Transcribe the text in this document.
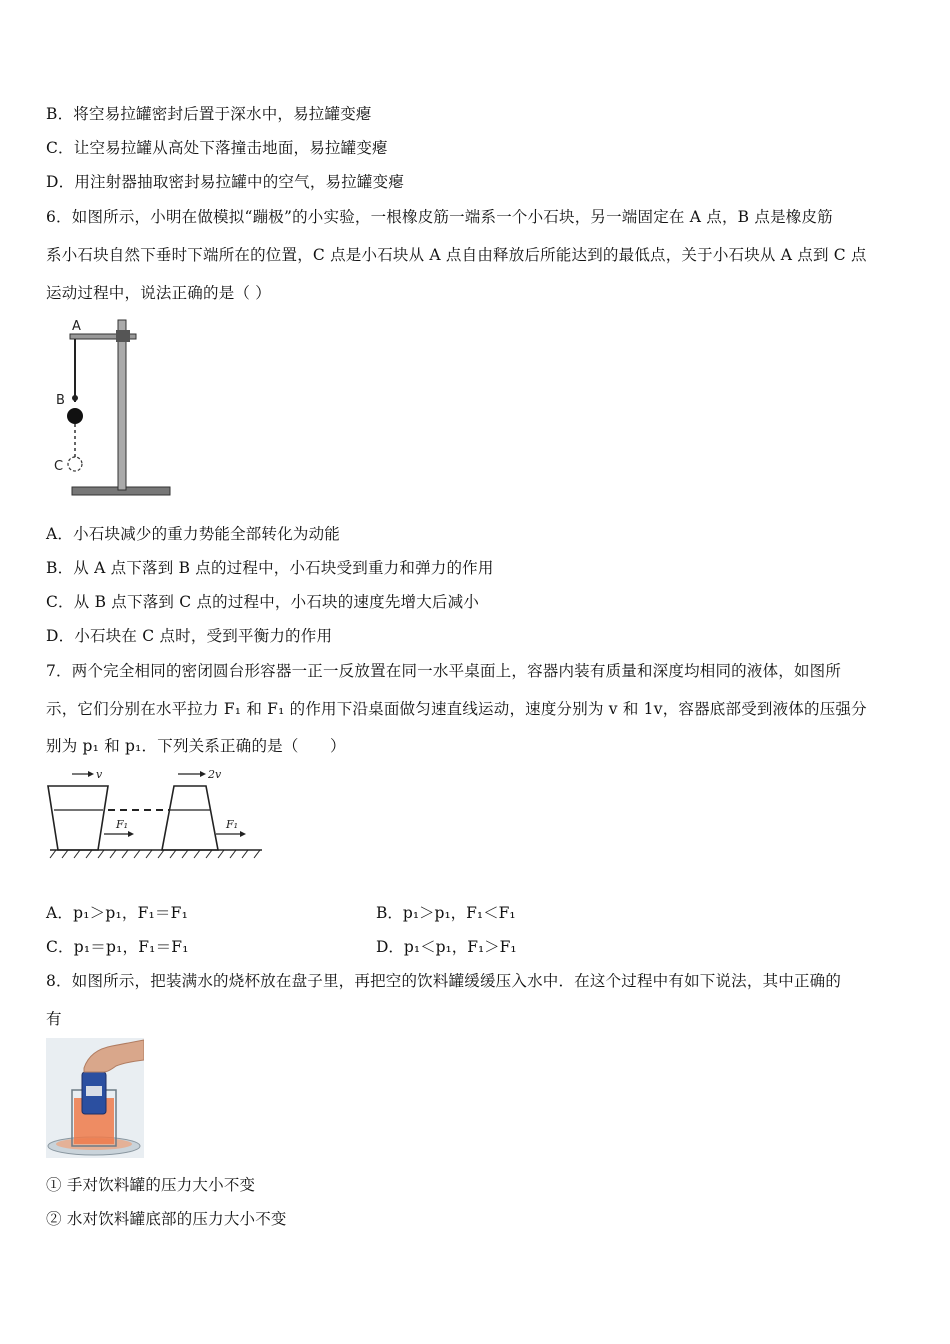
B．将空易拉罐密封后置于深水中，易拉罐变瘪
C．让空易拉罐从高处下落撞击地面，易拉罐变瘪
D．用注射器抽取密封易拉罐中的空气，易拉罐变瘪
6．如图所示，小明在做模拟“蹦极”的小实验，一根橡皮筋一端系一个小石块，另一端固定在 A 点，B 点是橡皮筋
系小石块自然下垂时下端所在的位置，C 点是小石块从 A 点自由释放后所能达到的最低点，关于小石块从 A 点到 C 点
运动过程中，说法正确的是（ ）
A
B
C
A．小石块减少的重力势能全部转化为动能
B．从 A 点下落到 B 点的过程中，小石块受到重力和弹力的作用
C．从 B 点下落到 C 点的过程中，小石块的速度先增大后减小
D．小石块在 C 点时，受到平衡力的作用
7．两个完全相同的密闭圆台形容器一正一反放置在同一水平桌面上，容器内装有质量和深度均相同的液体，如图所
示，它们分别在水平拉力 F₁ 和 F₁ 的作用下沿桌面做匀速直线运动，速度分别为 v 和 1v，容器底部受到液体的压强分
别为 p₁ 和 p₁．下列关系正确的是（　　）
v	2v
F₁	F₁
A．p₁＞p₁，F₁＝F₁	B．p₁＞p₁，F₁＜F₁
C．p₁＝p₁，F₁＝F₁	D．p₁＜p₁，F₁＞F₁
8．如图所示，把装满水的烧杯放在盘子里，再把空的饮料罐缓缓压入水中．在这个过程中有如下说法，其中正确的
有
① 手对饮料罐的压力大小不变
② 水对饮料罐底部的压力大小不变
